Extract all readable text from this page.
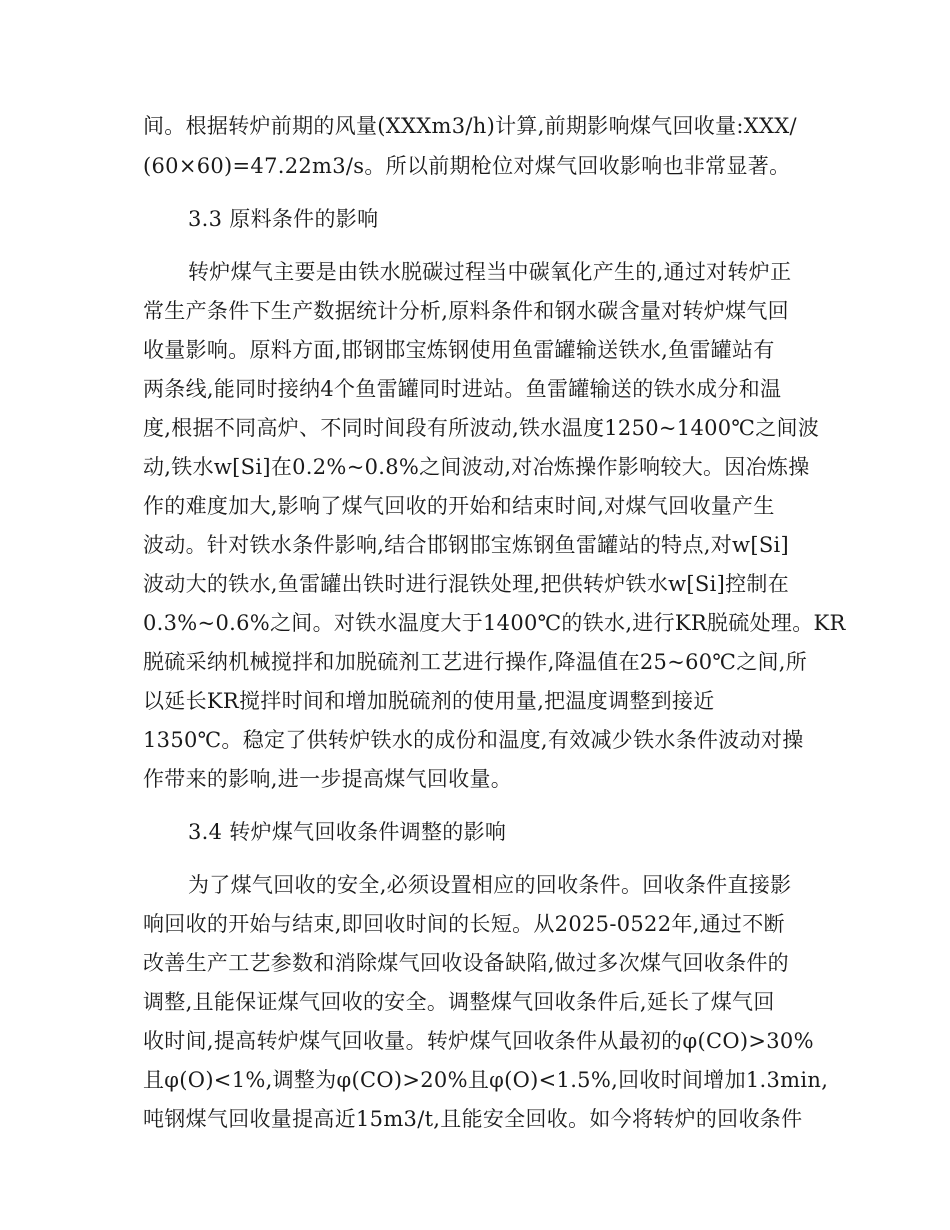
间。根据转炉前期的风量(XXXm3/h)计算,前期影响煤气回收量:XXX/
(60×60)=47.22m3/s。所以前期枪位对煤气回收影响也非常显著。
3.3 原料条件的影响
转炉煤气主要是由铁水脱碳过程当中碳氧化产生的,通过对转炉正
常生产条件下生产数据统计分析,原料条件和钢水碳含量对转炉煤气回
收量影响。原料方面,邯钢邯宝炼钢使用鱼雷罐输送铁水,鱼雷罐站有
两条线,能同时接纳4个鱼雷罐同时进站。鱼雷罐输送的铁水成分和温
度,根据不同高炉、不同时间段有所波动,铁水温度1250~1400℃之间波
动,铁水w[Si]在0.2%~0.8%之间波动,对冶炼操作影响较大。因冶炼操
作的难度加大,影响了煤气回收的开始和结束时间,对煤气回收量产生
波动。针对铁水条件影响,结合邯钢邯宝炼钢鱼雷罐站的特点,对w[Si]
波动大的铁水,鱼雷罐出铁时进行混铁处理,把供转炉铁水w[Si]控制在
0.3%~0.6%之间。对铁水温度大于1400℃的铁水,进行KR脱硫处理。KR
脱硫采纳机械搅拌和加脱硫剂工艺进行操作,降温值在25~60℃之间,所
以延长KR搅拌时间和增加脱硫剂的使用量,把温度调整到接近
1350℃。稳定了供转炉铁水的成份和温度,有效减少铁水条件波动对操
作带来的影响,进一步提高煤气回收量。
3.4 转炉煤气回收条件调整的影响
为了煤气回收的安全,必须设置相应的回收条件。回收条件直接影
响回收的开始与结束,即回收时间的长短。从2025-0522年,通过不断
改善生产工艺参数和消除煤气回收设备缺陷,做过多次煤气回收条件的
调整,且能保证煤气回收的安全。调整煤气回收条件后,延长了煤气回
收时间,提高转炉煤气回收量。转炉煤气回收条件从最初的φ(CO)>30%
且φ(O)<1%,调整为φ(CO)>20%且φ(O)<1.5%,回收时间增加1.3min,
吨钢煤气回收量提高近15m3/t,且能安全回收。如今将转炉的回收条件
